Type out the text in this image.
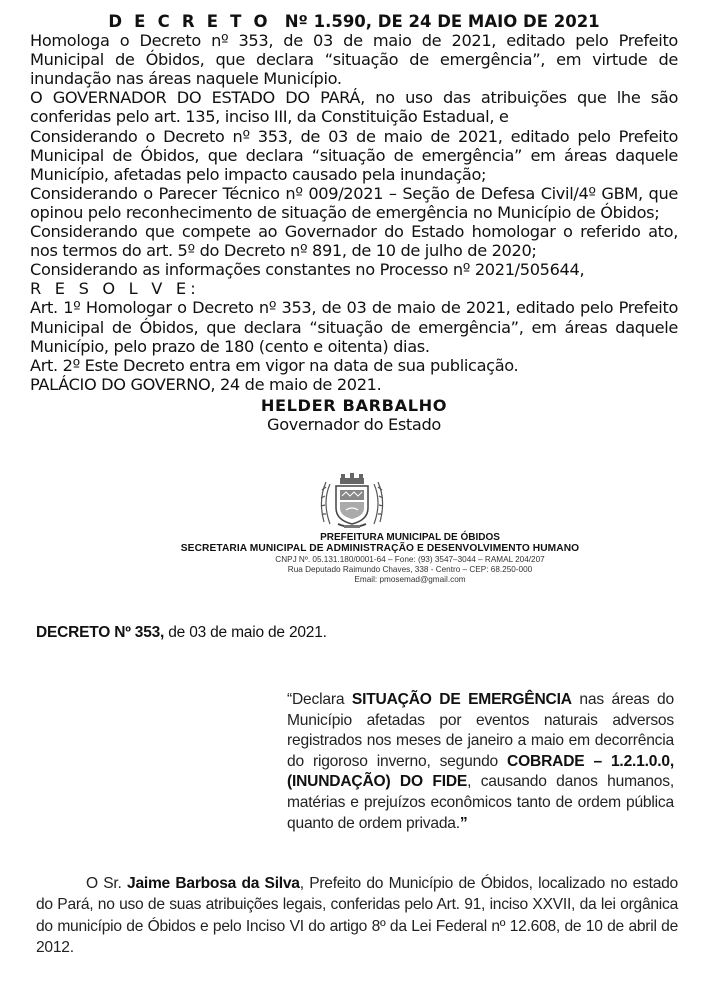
D E C R E T O Nº 1.590, DE 24 DE MAIO DE 2021

Homologa o Decreto nº 353, de 03 de maio de 2021, editado pelo Prefeito Municipal de Óbidos, que declara “situação de emergência”, em virtude de inundação nas áreas naquele Município.

O GOVERNADOR DO ESTADO DO PARÁ, no uso das atribuições que lhe são conferidas pelo art. 135, inciso III, da Constituição Estadual, e

Considerando o Decreto nº 353, de 03 de maio de 2021, editado pelo Prefeito Municipal de Óbidos, que declara “situação de emergência” em áreas daquele Município, afetadas pelo impacto causado pela inundação;

Considerando o Parecer Técnico nº 009/2021 – Seção de Defesa Civil/4º GBM, que opinou pelo reconhecimento de situação de emergência no Município de Óbidos;

Considerando que compete ao Governador do Estado homologar o referido ato, nos termos do art. 5º do Decreto nº 891, de 10 de julho de 2020;

Considerando as informações constantes no Processo nº 2021/505644,

R E S O L V E:

Art. 1º Homologar o Decreto nº 353, de 03 de maio de 2021, editado pelo Prefeito Municipal de Óbidos, que declara “situação de emergência”, em áreas daquele Município, pelo prazo de 180 (cento e oitenta) dias.

Art. 2º Este Decreto entra em vigor na data de sua publicação.

PALÁCIO DO GOVERNO, 24 de maio de 2021.

HELDER BARBALHO

Governador do Estado

PREFEITURA MUNICIPAL DE ÓBIDOS
SECRETARIA MUNICIPAL DE ADMINISTRAÇÃO E DESENVOLVIMENTO HUMANO
CNPJ Nº. 05.131.180/0001-64 – Fone: (93) 3547–3044 – RAMAL 204/207
Rua Deputado Raimundo Chaves, 338 - Centro – CEP: 68.250-000
Email: pmosemad@gmail.com
DECRETO Nº 353, de 03 de maio de 2021.
“Declara SITUAÇÃO DE EMERGÊNCIA nas áreas do Município afetadas por eventos naturais adversos registrados nos meses de janeiro a maio em decorrência do rigoroso inverno, segundo COBRADE – 1.2.1.0.0, (INUNDAÇÃO) DO FIDE, causando danos humanos, matérias e prejuízos econômicos tanto de ordem pública quanto de ordem privada.”
O Sr. Jaime Barbosa da Silva, Prefeito do Município de Óbidos, localizado no estado do Pará, no uso de suas atribuições legais, conferidas pelo Art. 91, inciso XXVII, da lei orgânica do município de Óbidos e pelo Inciso VI do artigo 8º da Lei Federal nº 12.608, de 10 de abril de 2012.
